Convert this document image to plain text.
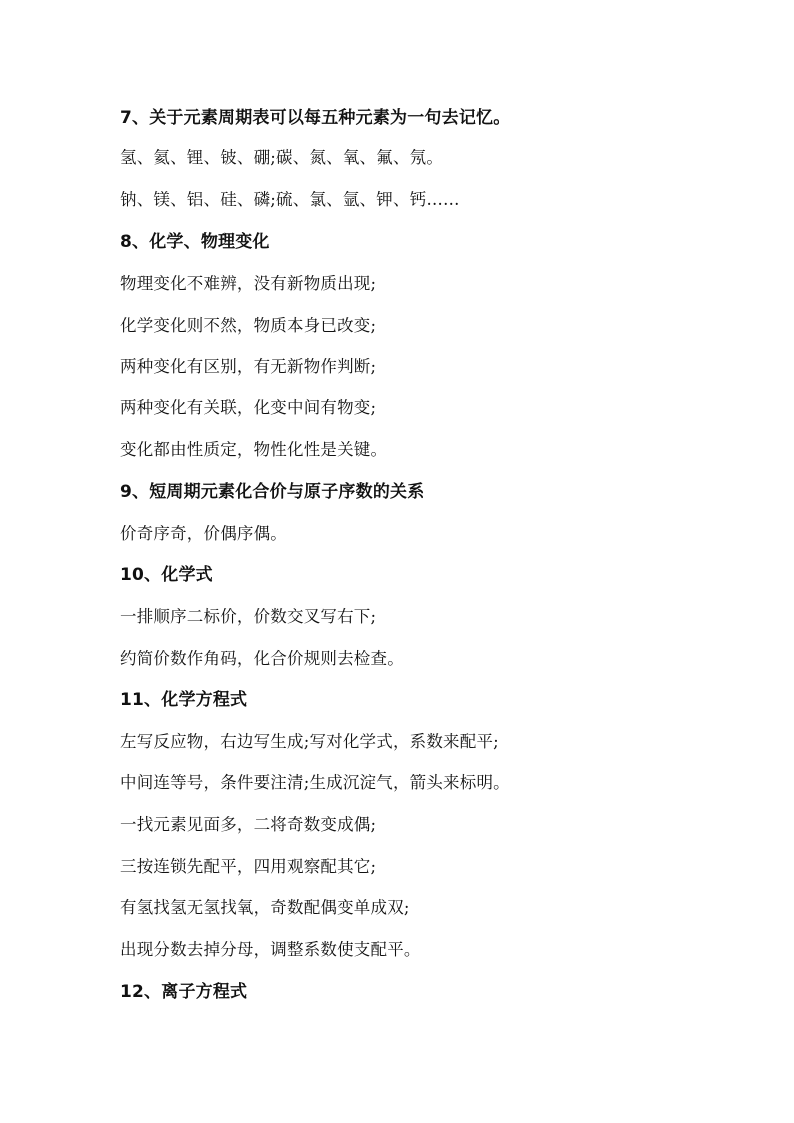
7、关于元素周期表可以每五种元素为一句去记忆。
氢、氦、锂、铍、硼;碳、氮、氧、氟、氖。
钠、镁、铝、硅、磷;硫、氯、氩、钾、钙……
8、化学、物理变化
物理变化不难辨，没有新物质出现;
化学变化则不然，物质本身已改变;
两种变化有区别，有无新物作判断;
两种变化有关联，化变中间有物变;
变化都由性质定，物性化性是关键。
9、短周期元素化合价与原子序数的关系
价奇序奇，价偶序偶。
10、化学式
一排顺序二标价，价数交叉写右下;
约简价数作角码，化合价规则去检查。
11、化学方程式
左写反应物，右边写生成;写对化学式，系数来配平;
中间连等号，条件要注清;生成沉淀气，箭头来标明。
一找元素见面多，二将奇数变成偶;
三按连锁先配平，四用观察配其它;
有氢找氢无氢找氧，奇数配偶变单成双;
出现分数去掉分母，调整系数使支配平。
12、离子方程式
